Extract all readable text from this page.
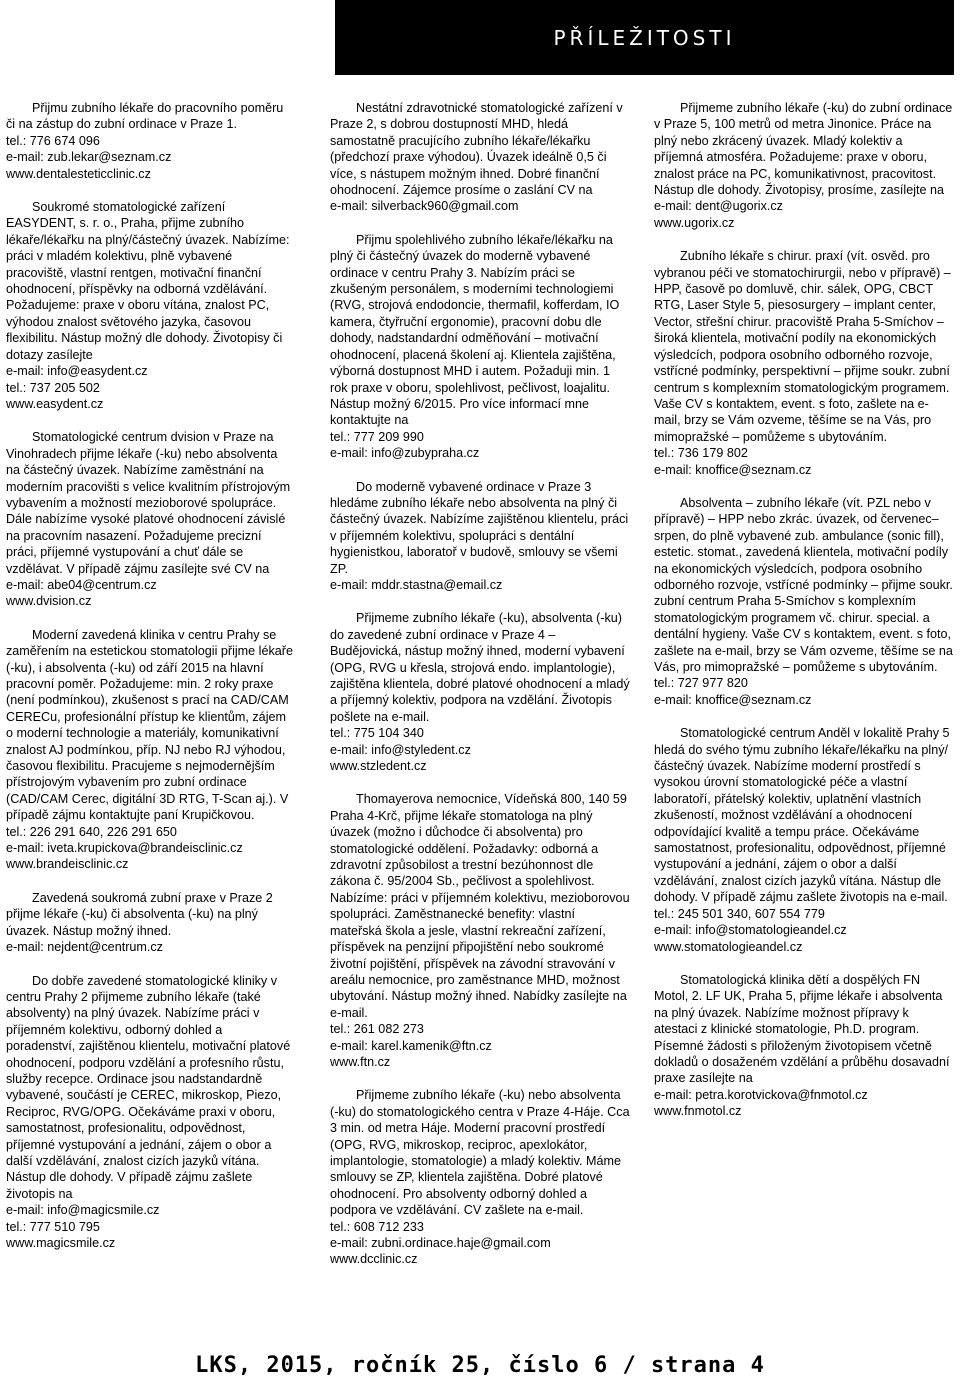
PŘÍLEŽITOSTI

Přijmu zubního lékaře do pracovního poměru či na zástup do zubní ordinace v Praze 1.

tel.: 776 674 096

e-mail: zub.lekar@seznam.cz

www.dentalesteticclinic.cz

Soukromé stomatologické zařízení EASYDENT, s. r. o., Praha, přijme zubního lékaře/lékařku na plný/částečný úvazek. Nabízíme: práci v mladém kolektivu, plně vybavené pracoviště, vlastní rentgen, motivační finanční ohodnocení, příspěvky na odborná vzdělávání. Požadujeme: praxe v oboru vítána, znalost PC, výhodou znalost světového jazyka, časovou flexibilitu. Nástup možný dle dohody. Životopisy či dotazy zasílejte

e-mail: info@easydent.cz

tel.: 737 205 502

www.easydent.cz

Stomatologické centrum dvision v Praze na Vinohradech přijme lékaře (-ku) nebo absolventa na částečný úvazek. Nabízíme zaměstnání na moderním pracovišti s velice kvalitním přístrojovým vybavením a možností mezioborové spolupráce. Dále nabízíme vysoké platové ohodnocení závislé na pracovním nasazení. Požadujeme precizní práci, příjemné vystupování a chuť dále se vzdělávat. V případě zájmu zasílejte své CV na

e-mail: abe04@centrum.cz

www.dvision.cz

Moderní zavedená klinika v centru Prahy se zaměřením na estetickou stomatologii přijme lékaře (-ku), i absolventa (-ku) od září 2015 na hlavní pracovní poměr. Požadujeme: min. 2 roky praxe (není podmínkou), zkušenost s prací na CAD/CAM CERECu, profesionální přístup ke klientům, zájem o moderní technologie a materiály, komunikativní znalost AJ podmínkou, příp. NJ nebo RJ výhodou, časovou flexibilitu. Pracujeme s nejmodernějším přístrojovým vybavením pro zubní ordinace (CAD/CAM Cerec, digitální 3D RTG, T-Scan aj.). V případě zájmu kontaktujte paní Krupičkovou.

tel.: 226 291 640, 226 291 650

e-mail: iveta.krupickova@brandeisclinic.cz

www.brandeisclinic.cz

Zavedená soukromá zubní praxe v Praze 2 přijme lékaře (-ku) či absolventa (-ku) na plný úvazek. Nástup možný ihned.

e-mail: nejdent@centrum.cz

Do dobře zavedené stomatologické kliniky v centru Prahy 2 přijmeme zubního lékaře (také absolventy) na plný úvazek. Nabízíme práci v příjemném kolektivu, odborný dohled a poradenství, zajištěnou klientelu, motivační platové ohodnocení, podporu vzdělání a profesního růstu, služby recepce. Ordinace jsou nadstandardně vybavené, součástí je CEREC, mikroskop, Piezo, Reciproc, RVG/OPG. Očekáváme praxi v oboru, samostatnost, profesionalitu, odpovědnost, příjemné vystupování a jednání, zájem o obor a další vzdělávání, znalost cizích jazyků vítána. Nástup dle dohody. V případě zájmu zašlete životopis na

e-mail: info@magicsmile.cz

tel.: 777 510 795

www.magicsmile.cz

Nestátní zdravotnické stomatologické zařízení v Praze 2, s dobrou dostupností MHD, hledá samostatně pracujícího zubního lékaře/lékařku (předchozí praxe výhodou). Úvazek ideálně 0,5 či více, s nástupem možným ihned. Dobré finanční ohodnocení. Zájemce prosíme o zaslání CV na

e-mail: silverback960@gmail.com

Přijmu spolehlivého zubního lékaře/lékařku na plný či částečný úvazek do moderně vybavené ordinace v centru Prahy 3. Nabízím práci se zkušeným personálem, s moderními technologiemi (RVG, strojová endodoncie, thermafil, kofferdam, IO kamera, čtyřruční ergonomie), pracovní dobu dle dohody, nadstandardní odměňování – motivační ohodnocení, placená školení aj. Klientela zajištěna, výborná dostupnost MHD i autem. Požaduji min. 1 rok praxe v oboru, spolehlivost, pečlivost, loajalitu. Nástup možný 6/2015. Pro více informací mne kontaktujte na

tel.: 777 209 990

e-mail: info@zubypraha.cz

Do moderně vybavené ordinace v Praze 3 hledáme zubního lékaře nebo absolventa na plný či částečný úvazek. Nabízíme zajištěnou klientelu, práci v příjemném kolektivu, spolupráci s dentální hygienistkou, laboratoř v budově, smlouvy se všemi ZP.

e-mail: mddr.stastna@email.cz

Přijmeme zubního lékaře (-ku), absolventa (-ku) do zavedené zubní ordinace v Praze 4 – Budějovická, nástup možný ihned, moderní vybavení (OPG, RVG u křesla, strojová endo. implantologie), zajištěna klientela, dobré platové ohodnocení a mladý a příjemný kolektiv, podpora na vzdělání. Životopis pošlete na e-mail.

tel.: 775 104 340

e-mail: info@styledent.cz

www.stzledent.cz

Thomayerova nemocnice, Vídeňská 800, 140 59 Praha 4-Krč, přijme lékaře stomatologa na plný úvazek (možno i důchodce či absolventa) pro stomatologické oddělení. Požadavky: odborná a zdravotní způsobilost a trestní bezúhonnost dle zákona č. 95/2004 Sb., pečlivost a spolehlivost. Nabízíme: práci v příjemném kolektivu, mezioborovou spolupráci. Zaměstnanecké benefity: vlastní mateřská škola a jesle, vlastní rekreační zařízení, příspěvek na penzijní připojištění nebo soukromé životní pojištění, příspěvek na závodní stravování v areálu nemocnice, pro zaměstnance MHD, možnost ubytování. Nástup možný ihned. Nabídky zasílejte na e-mail.

tel.: 261 082 273

e-mail: karel.kamenik@ftn.cz

www.ftn.cz

Přijmeme zubního lékaře (-ku) nebo absolventa (-ku) do stomatologického centra v Praze 4-Háje. Cca 3 min. od metra Háje. Moderní pracovní prostředí (OPG, RVG, mikroskop, reciproc, apexlokátor, implantologie, stomatologie) a mladý kolektiv. Máme smlouvy se ZP, klientela zajištěna. Dobré platové ohodnocení. Pro absolventy odborný dohled a podpora ve vzdělávání. CV zašlete na e-mail.

tel.: 608 712 233

e-mail: zubni.ordinace.haje@gmail.com

www.dcclinic.cz

Přijmeme zubního lékaře (-ku) do zubní ordinace v Praze 5, 100 metrů od metra Jinonice. Práce na plný nebo zkrácený úvazek. Mladý kolektiv a příjemná atmosféra. Požadujeme: praxe v oboru, znalost práce na PC, komunikativnost, pracovitost. Nástup dle dohody. Životopisy, prosíme, zasílejte na

e-mail: dent@ugorix.cz

www.ugorix.cz

Zubního lékaře s chirur. praxí (vít. osvěd. pro vybranou péči ve stomatochirurgii, nebo v přípravě) – HPP, časově po domluvě, chir. sálek, OPG, CBCT RTG, Laser Style 5, piesosurgery – implant center, Vector, střešní chirur. pracoviště Praha 5-Smíchov – široká klientela, motivační podíly na ekonomických výsledcích, podpora osobního odborného rozvoje, vstřícné podmínky, perspektivní – přijme soukr. zubní centrum s komplexním stomatologickým programem. Vaše CV s kontaktem, event. s foto, zašlete na e-mail, brzy se Vám ozveme, těšíme se na Vás, pro mimopražské – pomůžeme s ubytováním.

tel.: 736 179 802

e-mail: knoffice@seznam.cz

Absolventa – zubního lékaře (vít. PZL nebo v přípravě) – HPP nebo zkrác. úvazek, od červenec–srpen, do plně vybavené zub. ambulance (sonic fill), estetic. stomat., zavedená klientela, motivační podíly na ekonomických výsledcích, podpora osobního odborného rozvoje, vstřícné podmínky – přijme soukr. zubní centrum Praha 5-Smíchov s komplexním stomatologickým programem vč. chirur. special. a dentální hygieny. Vaše CV s kontaktem, event. s foto, zašlete na e-mail, brzy se Vám ozveme, těšíme se na Vás, pro mimopražské – pomůžeme s ubytováním.

tel.: 727 977 820

e-mail: knoffice@seznam.cz

Stomatologické centrum Anděl v lokalitě Prahy 5 hledá do svého týmu zubního lékaře/lékařku na plný/částečný úvazek. Nabízíme moderní prostředí s vysokou úrovní stomatologické péče a vlastní laboratoří, přátelský kolektiv, uplatnění vlastních zkušeností, možnost vzdělávání a ohodnocení odpovídající kvalitě a tempu práce. Očekáváme samostatnost, profesionalitu, odpovědnost, příjemné vystupování a jednání, zájem o obor a další vzdělávání, znalost cizích jazyků vítána. Nástup dle dohody. V případě zájmu zašlete životopis na e-mail.

tel.: 245 501 340, 607 554 779

e-mail: info@stomatologieandel.cz

www.stomatologieandel.cz

Stomatologická klinika dětí a dospělých FN Motol, 2. LF UK, Praha 5, přijme lékaře i absolventa na plný úvazek. Nabízíme možnost přípravy k atestaci z klinické stomatologie, Ph.D. program. Písemné žádosti s přiloženým životopisem včetně dokladů o dosaženém vzdělání a průběhu dosavadní praxe zasílejte na

e-mail: petra.korotvickova@fnmotol.cz

www.fnmotol.cz

LKS, 2015, ročník 25, číslo 6 / strana 4
